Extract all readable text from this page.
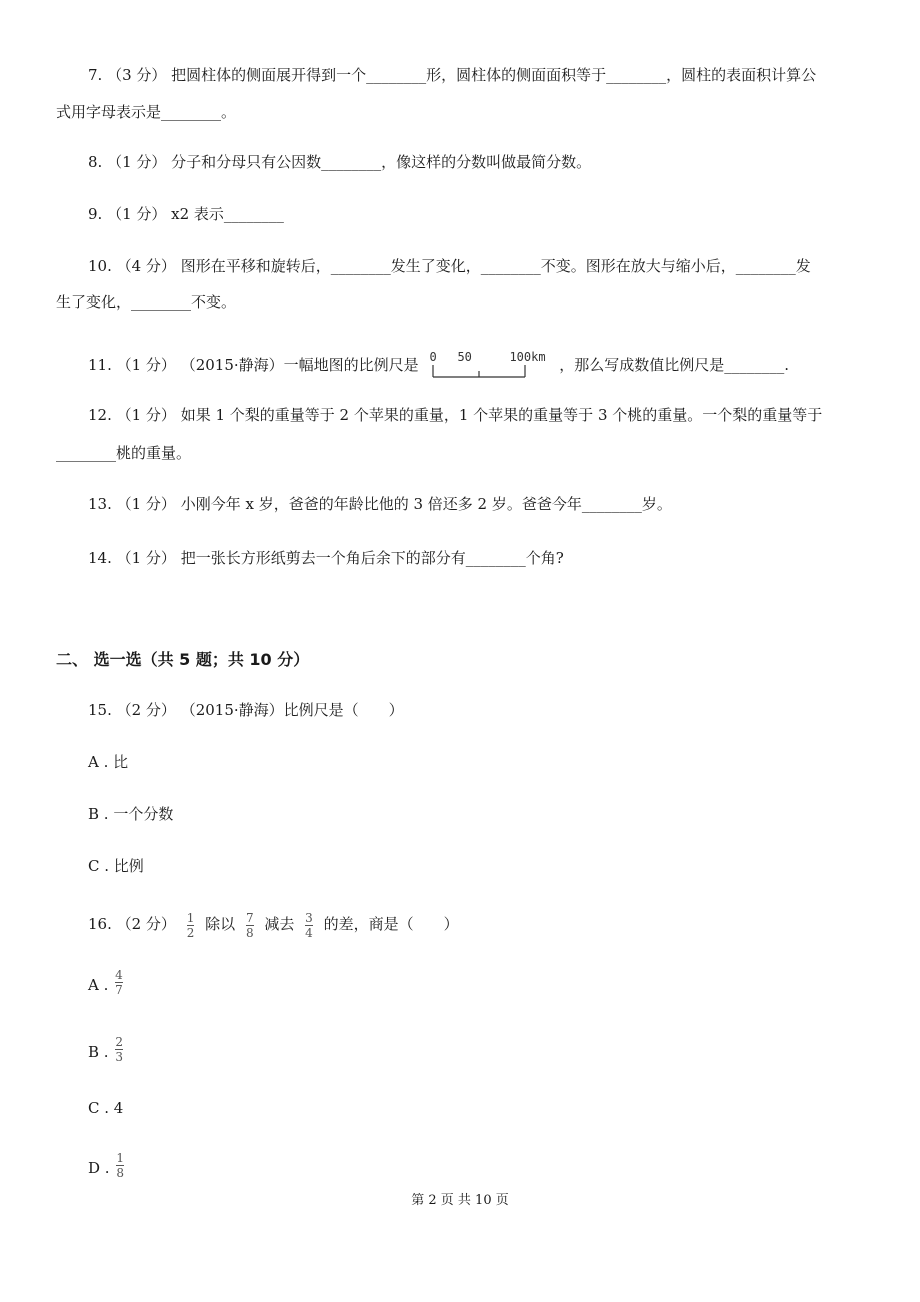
7. （3 分） 把圆柱体的侧面展开得到一个________形，圆柱体的侧面面积等于________，圆柱的表面积计算公
式用字母表示是________。
8. （1 分） 分子和分母只有公因数________，像这样的分数叫做最简分数。
9. （1 分） x2 表示________
10. （4 分） 图形在平移和旋转后，________发生了变化，________不变。图形在放大与缩小后，________发
生了变化，________不变。
11. （1 分） （2015·静海）一幅地图的比例尺是 0 50	100km ，那么写成数值比例尺是________.
12. （1 分） 如果 1 个梨的重量等于 2 个苹果的重量，1 个苹果的重量等于 3 个桃的重量。一个梨的重量等于
________桃的重量。
13. （1 分） 小刚今年 x 岁，爸爸的年龄比他的 3 倍还多 2 岁。爸爸今年________岁。
14. （1 分） 把一张长方形纸剪去一个角后余下的部分有________个角?
二、 选一选（共 5 题；共 10 分）
15. （2 分） （2015·静海）比例尺是（　　）
A . 比
B . 一个分数
C . 比例
16. （2 分） $\frac{1}{2}$ 除以 $\frac{7}{8}$ 减去 $\frac{3}{4}$ 的差，商是（　　）
A . $\frac{4}{7}$
B . $\frac{2}{3}$
C . 4
D . $\frac{1}{8}$
第 2 页 共 10 页
